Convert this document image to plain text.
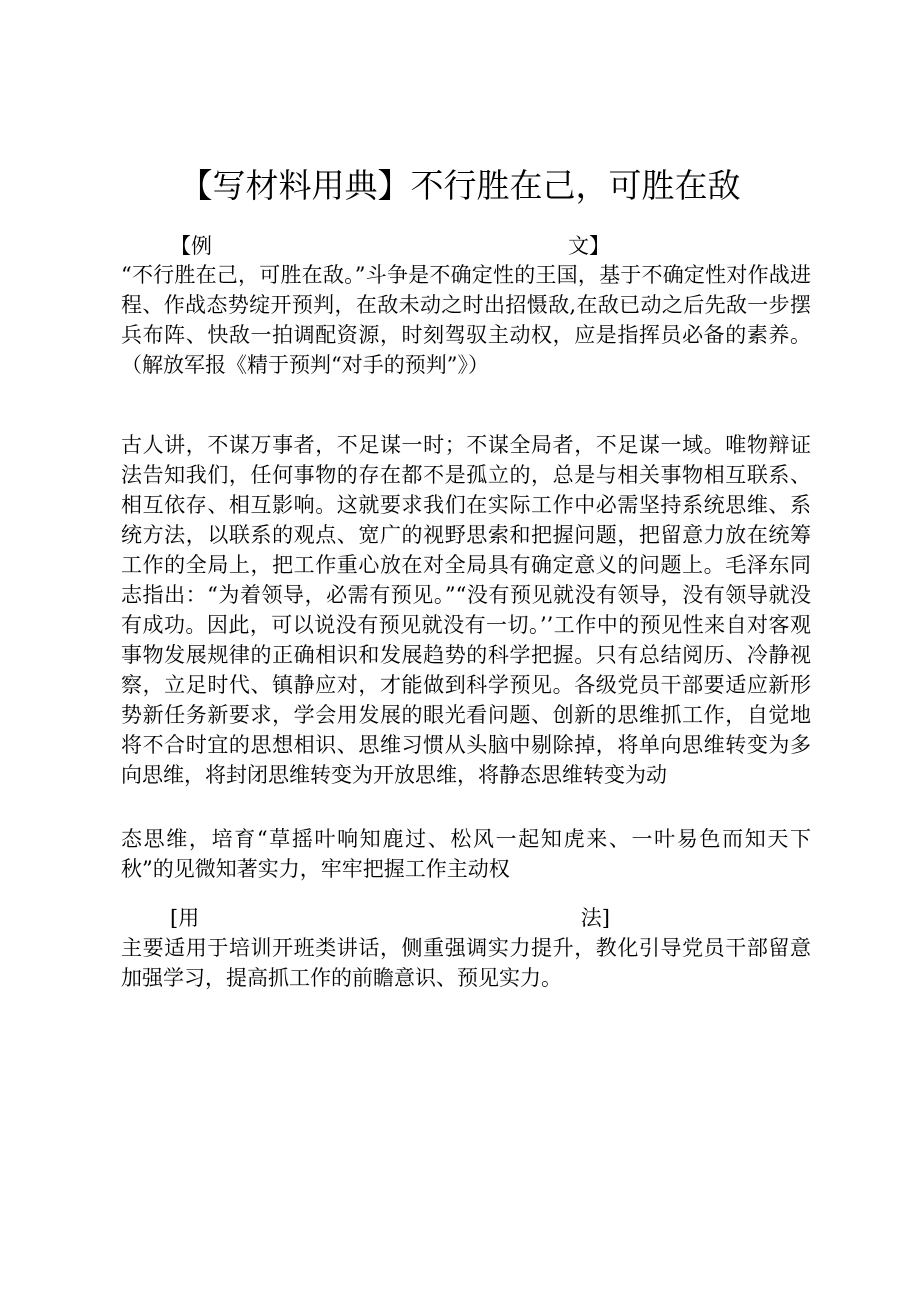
【写材料用典】不行胜在己，可胜在敌
【例	文】

“不行胜在己，可胜在敌。”斗争是不确定性的王国，基于不确定性对作战进程、作战态势绽开预判，在敌未动之时出招慑敌,在敌已动之后先敌一步摆兵布阵、快敌一拍调配资源，时刻驾驭主动权，应是指挥员必备的素养。（解放军报《精于预判“对手的预判”》）

古人讲，不谋万事者，不足谋一时；不谋全局者，不足谋一域。唯物辩证法告知我们，任何事物的存在都不是孤立的，总是与相关事物相互联系、相互依存、相互影响。这就要求我们在实际工作中必需坚持系统思维、系统方法，以联系的观点、宽广的视野思索和把握问题，把留意力放在统筹工作的全局上，把工作重心放在对全局具有确定意义的问题上。毛泽东同志指出：“为着领导，必需有预见。”“没有预见就没有领导，没有领导就没有成功。因此，可以说没有预见就没有一切。’’工作中的预见性来自对客观事物发展规律的正确相识和发展趋势的科学把握。只有总结阅历、冷静视察，立足时代、镇静应对，才能做到科学预见。各级党员干部要适应新形势新任务新要求，学会用发展的眼光看问题、创新的思维抓工作，自觉地将不合时宜的思想相识、思维习惯从头脑中剔除掉，将单向思维转变为多向思维，将封闭思维转变为开放思维，将静态思维转变为动

态思维，培育“草摇叶响知鹿过、松风一起知虎来、一叶易色而知天下秋”的见微知著实力，牢牢把握工作主动权

[用	法]

主要适用于培训开班类讲话，侧重强调实力提升，教化引导党员干部留意加强学习，提高抓工作的前瞻意识、预见实力。
